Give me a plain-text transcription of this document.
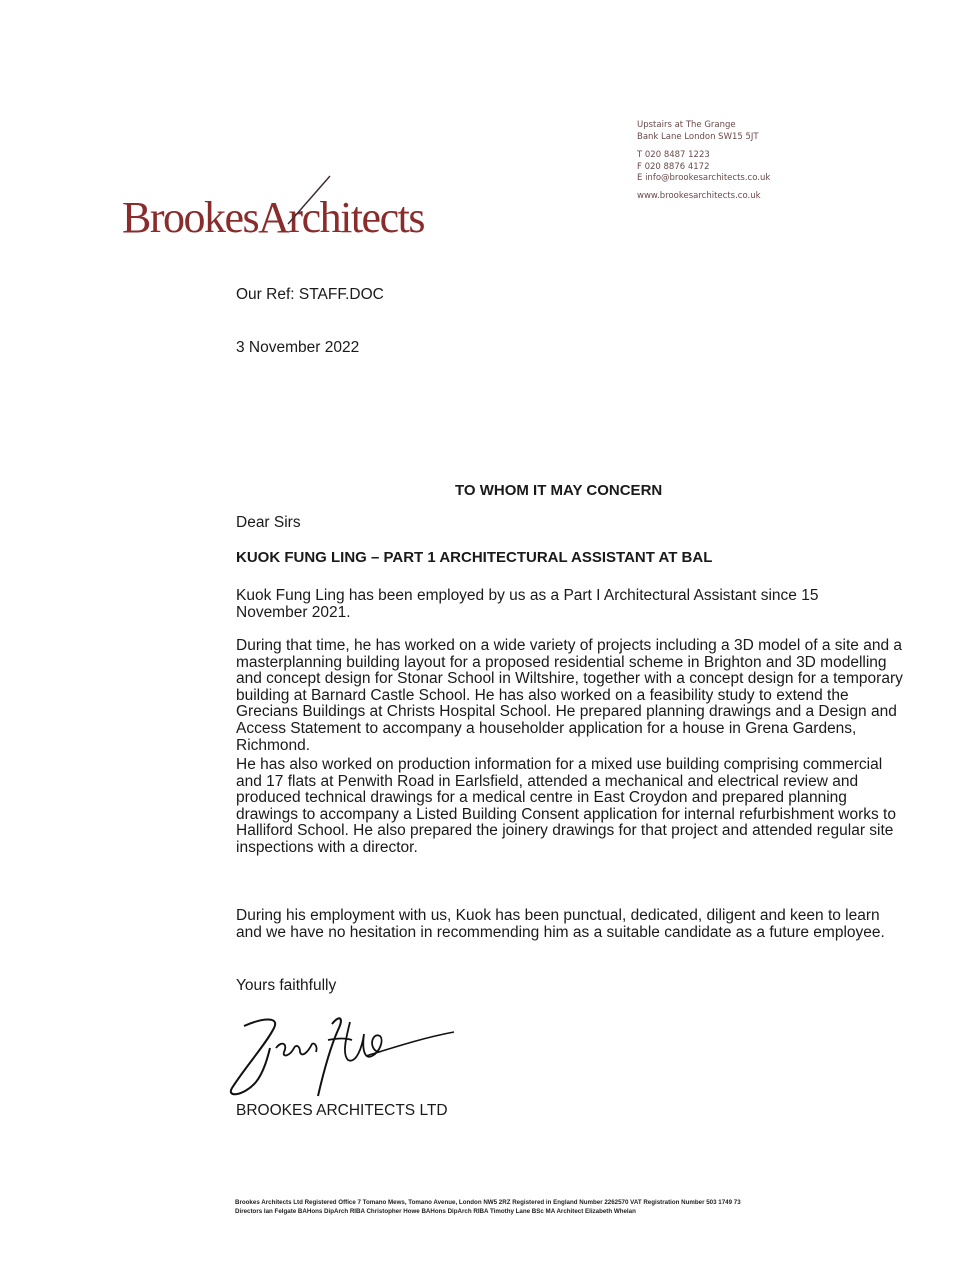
Upstairs at The Grange
Bank Lane London SW15 5JT
T 020 8487 1223
F 020 8876 4172
E info@brookesarchitects.co.uk
www.brookesarchitects.co.uk
BrookesArchitects
Our Ref: STAFF.DOC
3 November 2022
TO WHOM IT MAY CONCERN
Dear Sirs
KUOK FUNG LING – PART 1 ARCHITECTURAL ASSISTANT AT BAL
Kuok Fung Ling has been employed by us as a Part I Architectural Assistant since 15 November 2021.
During that time, he has worked on a wide variety of projects including a 3D model of a site and a masterplanning building layout for a proposed residential scheme in Brighton and 3D modelling and concept design for Stonar School in Wiltshire, together with a concept design for a temporary building at Barnard Castle School. He has also worked on a feasibility study to extend the Grecians Buildings at Christs Hospital School. He prepared planning drawings and a Design and Access Statement to accompany a householder application for a house in Grena Gardens, Richmond.
He has also worked on production information for a mixed use building comprising commercial and 17 flats at Penwith Road in Earlsfield, attended a mechanical and electrical review and produced technical drawings for a medical centre in East Croydon and prepared planning drawings to accompany a Listed Building Consent application for internal refurbishment works to Halliford School. He also prepared the joinery drawings for that project and attended regular site inspections with a director.
During his employment with us, Kuok has been punctual, dedicated, diligent and keen to learn and we have no hesitation in recommending him as a suitable candidate as a future employee.
Yours faithfully
BROOKES ARCHITECTS LTD
Brookes Architects Ltd Registered Office 7 Tomano Mews, Tomano Avenue, London NW5 2RZ Registered in England Number 2262570 VAT Registration Number 503 1749 73
Directors Ian Felgate BAHons DipArch RIBA Christopher Howe BAHons DipArch RIBA Timothy Lane BSc MA Architect Elizabeth Whelan
